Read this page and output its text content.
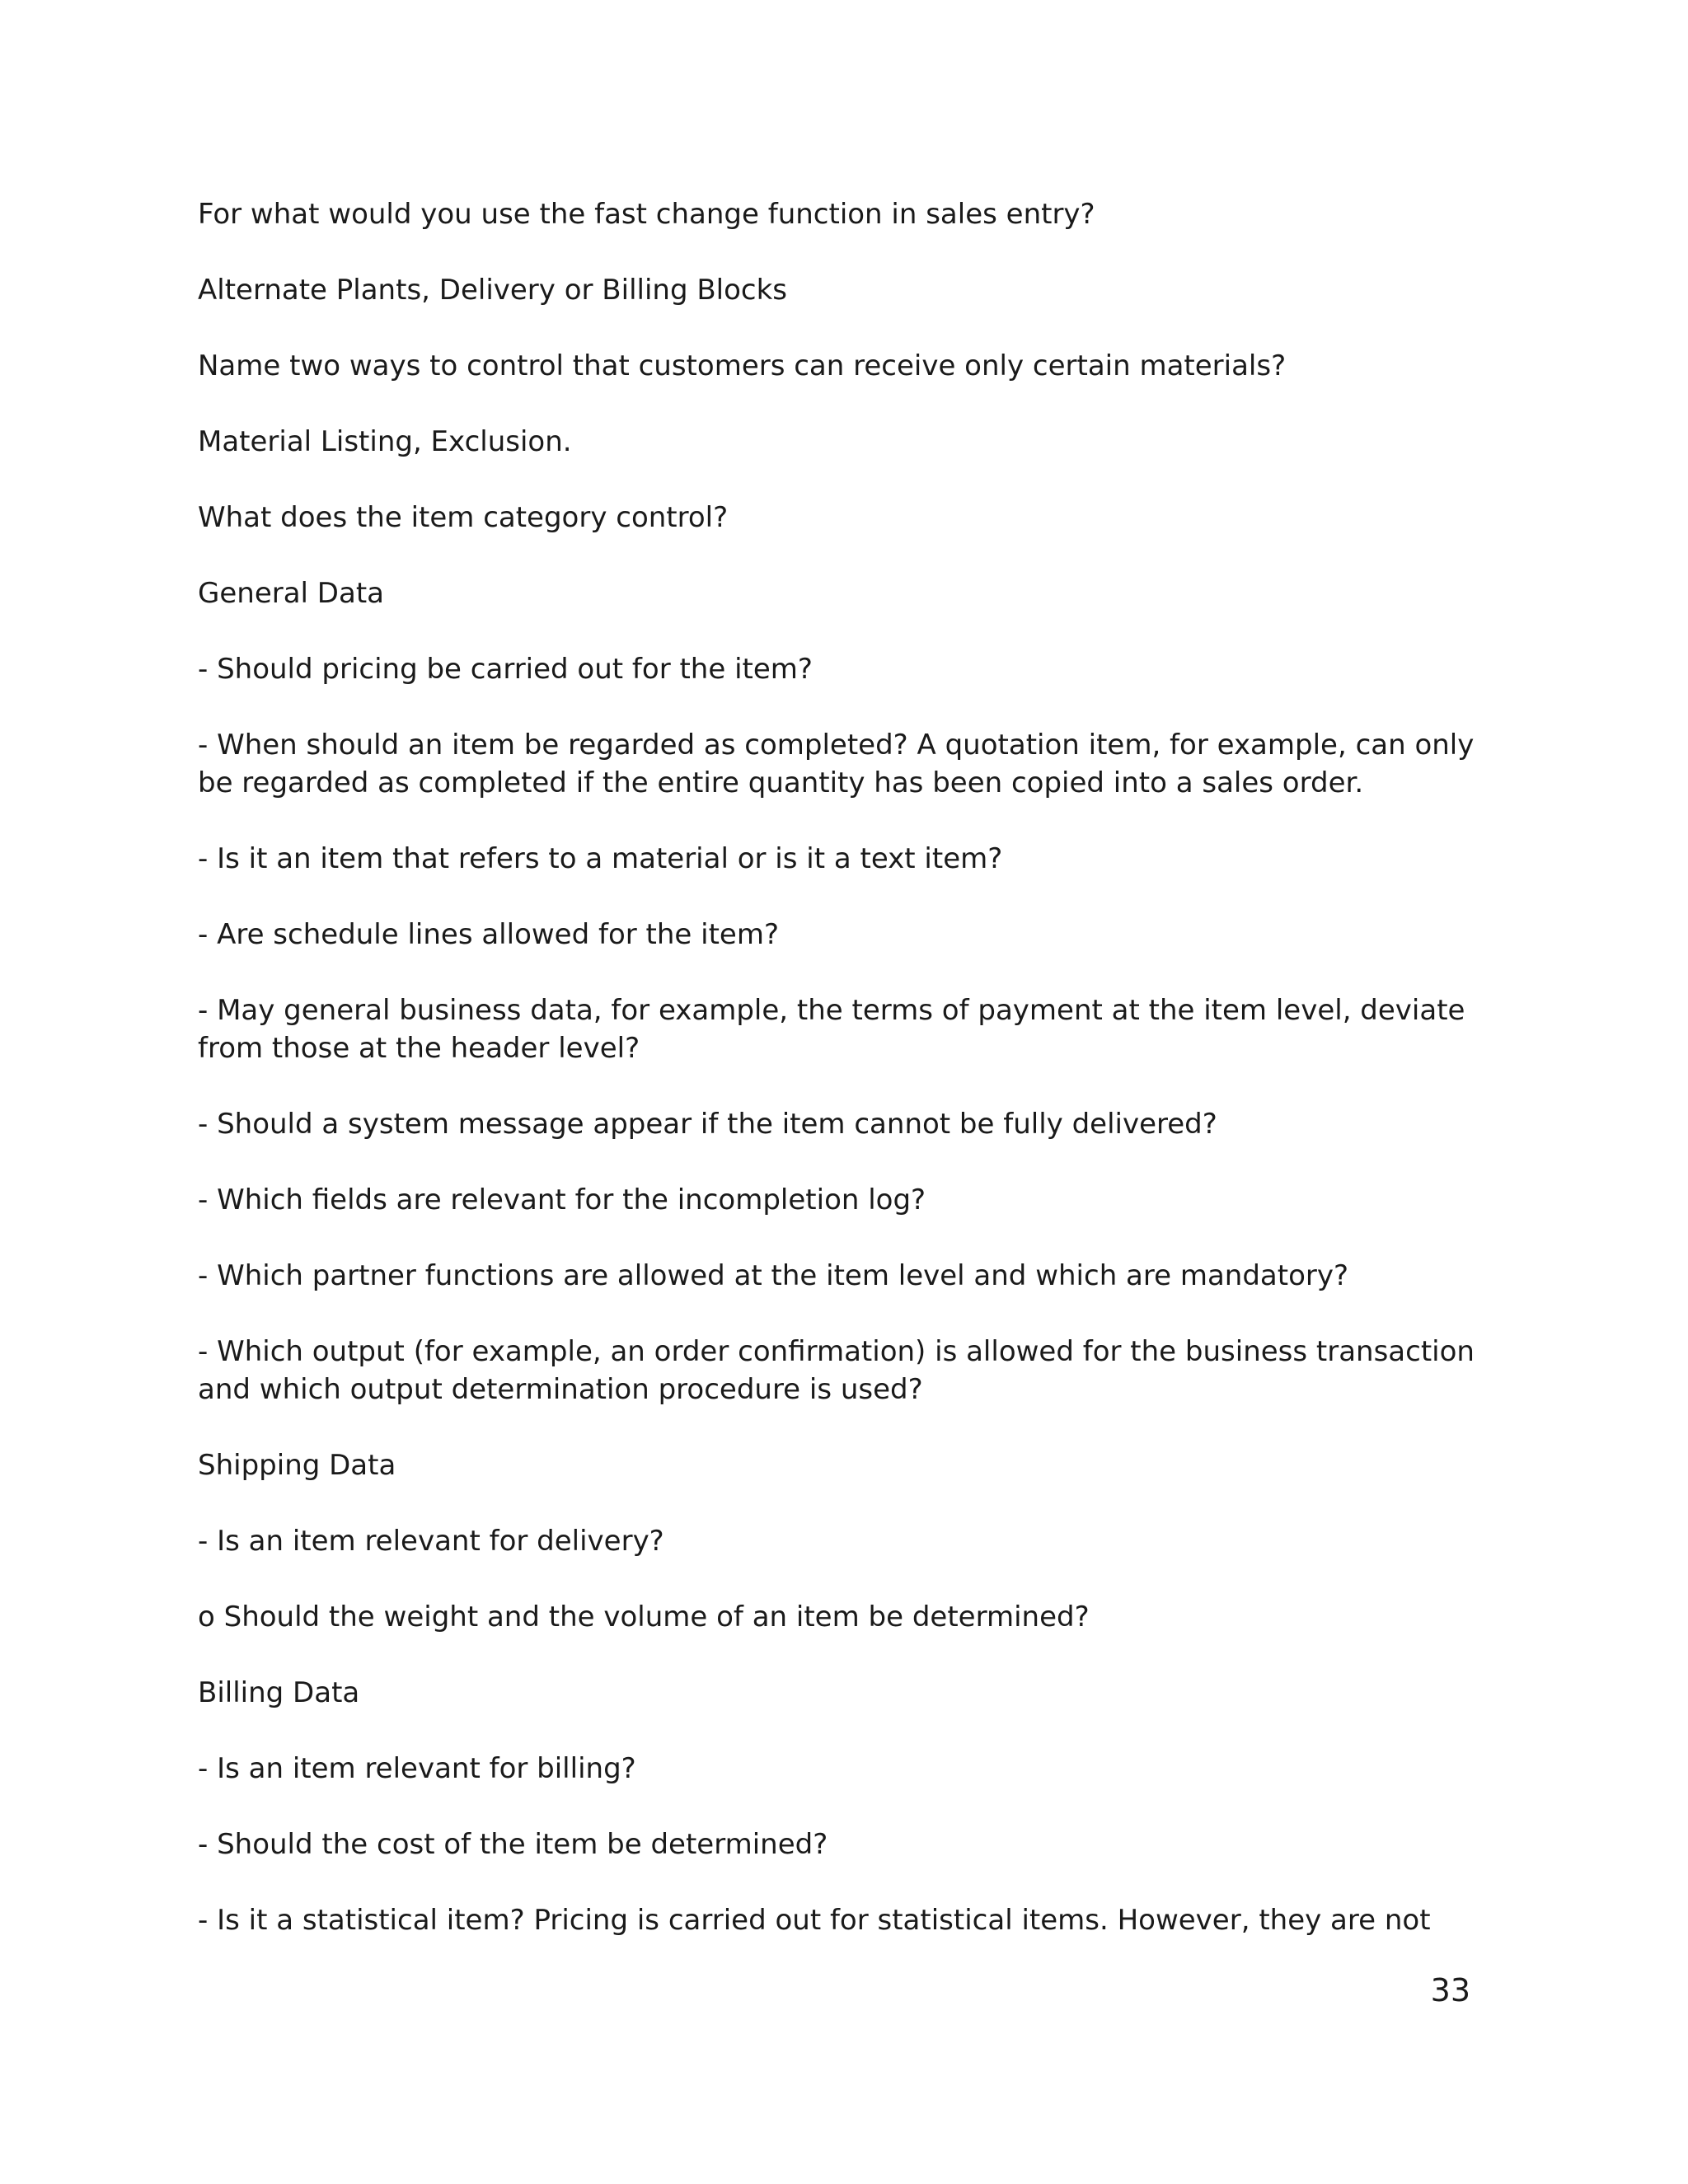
For what would you use the fast change function in sales entry?

Alternate Plants, Delivery or Billing Blocks

Name two ways to control that customers can receive only certain materials?

Material Listing, Exclusion.

What does the item category control?

General Data

- Should pricing be carried out for the item?

- When should an item be regarded as completed? A quotation item, for example, can only be regarded as completed if the entire quantity has been copied into a sales order.

- Is it an item that refers to a material or is it a text item?

- Are schedule lines allowed for the item?

- May general business data, for example, the terms of payment at the item level, deviate from those at the header level?

- Should a system message appear if the item cannot be fully delivered?

- Which fields are relevant for the incompletion log?

- Which partner functions are allowed at the item level and which are mandatory?

- Which output (for example, an order confirmation) is allowed for the business transaction and which output determination procedure is used?

Shipping Data

- Is an item relevant for delivery?

o Should the weight and the volume of an item be determined?

Billing Data

- Is an item relevant for billing?

- Should the cost of the item be determined?

- Is it a statistical item? Pricing is carried out for statistical items. However, they are not

33
